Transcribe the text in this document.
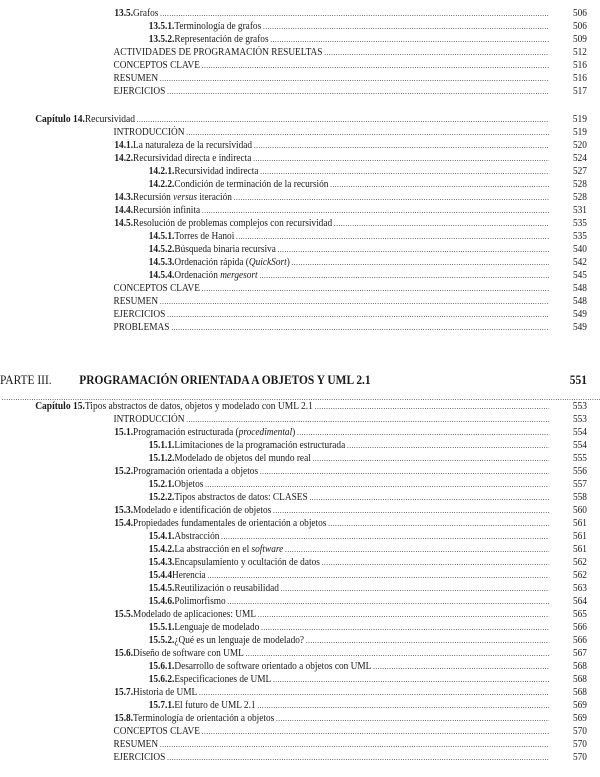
13.5. Grafos .....	506
13.5.1. Terminología de grafos .....	506
13.5.2. Representación de grafos .....	509
ACTIVIDADES DE PROGRAMACIÓN RESUELTAS .....	512
CONCEPTOS CLAVE .....	516
RESUMEN .....	516
EJERCICIOS .....	517
Capítulo 14. Recursividad .....	519
INTRODUCCIÓN .....	519
14.1. La naturaleza de la recursividad .....	520
14.2. Recursividad directa e indirecta .....	524
14.2.1. Recursividad indirecta .....	527
14.2.2. Condición de terminación de la recursión .....	528
14.3. Recursión versus iteración .....	528
14.4. Recursión infinita .....	531
14.5. Resolución de problemas complejos con recursividad .....	535
14.5.1. Torres de Hanoi .....	535
14.5.2. Búsqueda binaria recursiva .....	540
14.5.3. Ordenación rápida (QuickSort) .....	542
14.5.4. Ordenación mergesort .....	545
CONCEPTOS CLAVE .....	548
RESUMEN .....	548
EJERCICIOS .....	549
PROBLEMAS .....	549
PARTE III. PROGRAMACIÓN ORIENTADA A OBJETOS Y UML 2.1 .....	551
Capítulo 15. Tipos abstractos de datos, objetos y modelado con UML 2.1 .....	553
INTRODUCCIÓN .....	553
15.1. Programación estructurada (procedimental) .....	554
15.1.1. Limitaciones de la programación estructurada .....	554
15.1.2. Modelado de objetos del mundo real .....	555
15.2. Programación orientada a objetos .....	556
15.2.1. Objetos .....	557
15.2.2. Tipos abstractos de datos: CLASES .....	558
15.3. Modelado e identificación de objetos .....	560
15.4. Propiedades fundamentales de orientación a objetos .....	561
15.4.1. Abstracción .....	561
15.4.2. La abstracción en el software .....	561
15.4.3. Encapsulamiento y ocultación de datos .....	562
15.4.4 Herencia .....	562
15.4.5. Reutilización o reusabilidad .....	563
15.4.6. Polimorfismo .....	564
15.5. Modelado de aplicaciones: UML .....	565
15.5.1. Lenguaje de modelado .....	566
15.5.2. ¿Qué es un lenguaje de modelado? .....	566
15.6. Diseño de software con UML .....	567
15.6.1. Desarrollo de software orientado a objetos con UML .....	568
15.6.2. Especificaciones de UML .....	568
15.7. Historia de UML .....	568
15.7.1. El futuro de UML 2.1 .....	569
15.8. Terminología de orientación a objetos .....	569
CONCEPTOS CLAVE .....	570
RESUMEN .....	570
EJERCICIOS .....	570
